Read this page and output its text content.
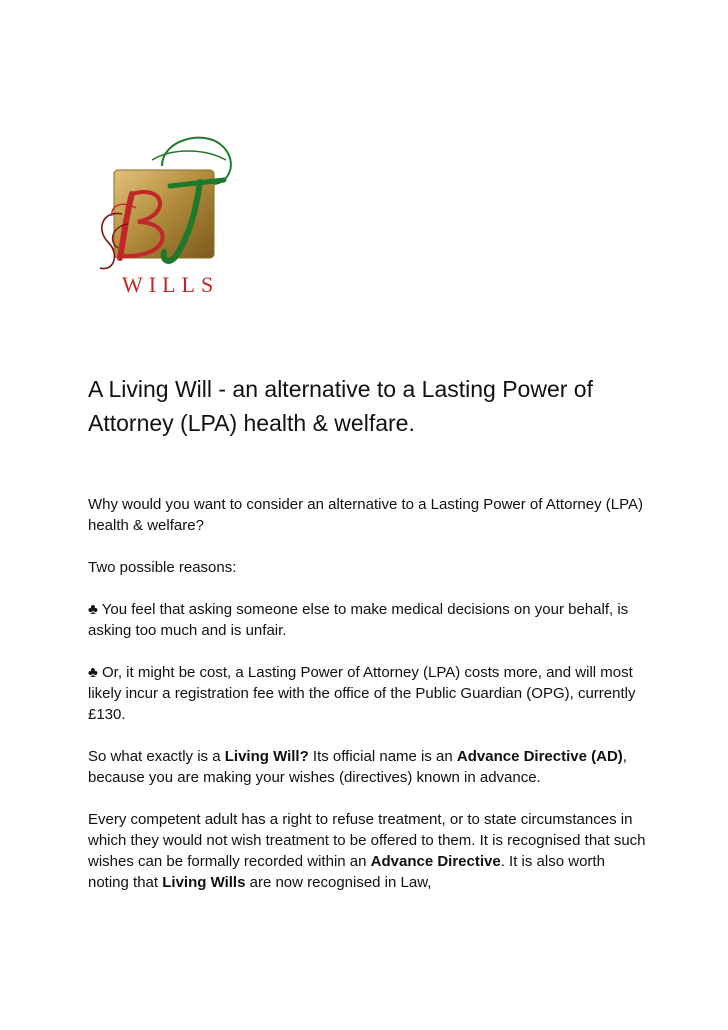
WILLS
A Living Will - an alternative to a Lasting Power of Attorney (LPA) health & welfare.

Why would you want to consider an alternative to a Lasting Power of Attorney (LPA) health & welfare?

Two possible reasons:

♣ You feel that asking someone else to make medical decisions on your behalf, is asking too much and is unfair.

♣ Or, it might be cost, a Lasting Power of Attorney (LPA) costs more, and will most likely incur a registration fee with the office of the Public Guardian (OPG), currently £130.

So what exactly is a Living Will? Its official name is an Advance Directive (AD), because you are making your wishes (directives) known in advance.

Every competent adult has a right to refuse treatment, or to state circumstances in which they would not wish treatment to be offered to them. It is recognised that such wishes can be formally recorded within an Advance Directive. It is also worth noting that Living Wills are now recognised in Law,
